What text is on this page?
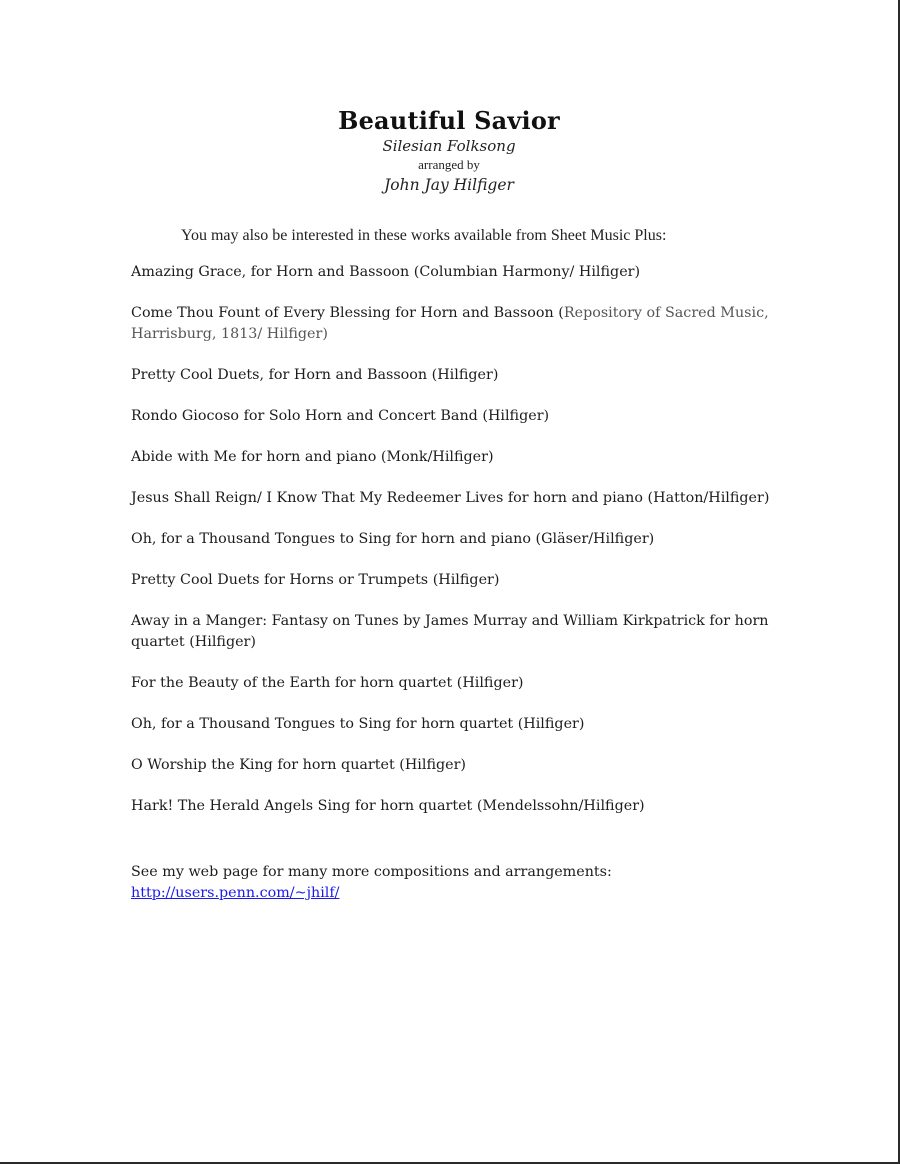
Beautiful Savior
Silesian Folksong
arranged by
John Jay Hilfiger
You may also be interested in these works available from Sheet Music Plus:
Amazing Grace, for Horn and Bassoon (Columbian Harmony/ Hilfiger)
Come Thou Fount of Every Blessing for Horn and Bassoon (Repository of Sacred Music, Harrisburg, 1813/ Hilfiger)
Pretty Cool Duets, for Horn and Bassoon (Hilfiger)
Rondo Giocoso for Solo Horn and Concert Band (Hilfiger)
Abide with Me for horn and piano (Monk/Hilfiger)
Jesus Shall Reign/ I Know That My Redeemer Lives for horn and piano (Hatton/Hilfiger)
Oh, for a Thousand Tongues to Sing for horn and piano (Gläser/Hilfiger)
Pretty Cool Duets for Horns or Trumpets (Hilfiger)
Away in a Manger: Fantasy on Tunes by James Murray and William Kirkpatrick for horn quartet (Hilfiger)
For the Beauty of the Earth for horn quartet (Hilfiger)
Oh, for a Thousand Tongues to Sing for horn quartet (Hilfiger)
O Worship the King for horn quartet (Hilfiger)
Hark! The Herald Angels Sing for horn quartet (Mendelssohn/Hilfiger)
See my web page for many more compositions and arrangements:
http://users.penn.com/~jhilf/
